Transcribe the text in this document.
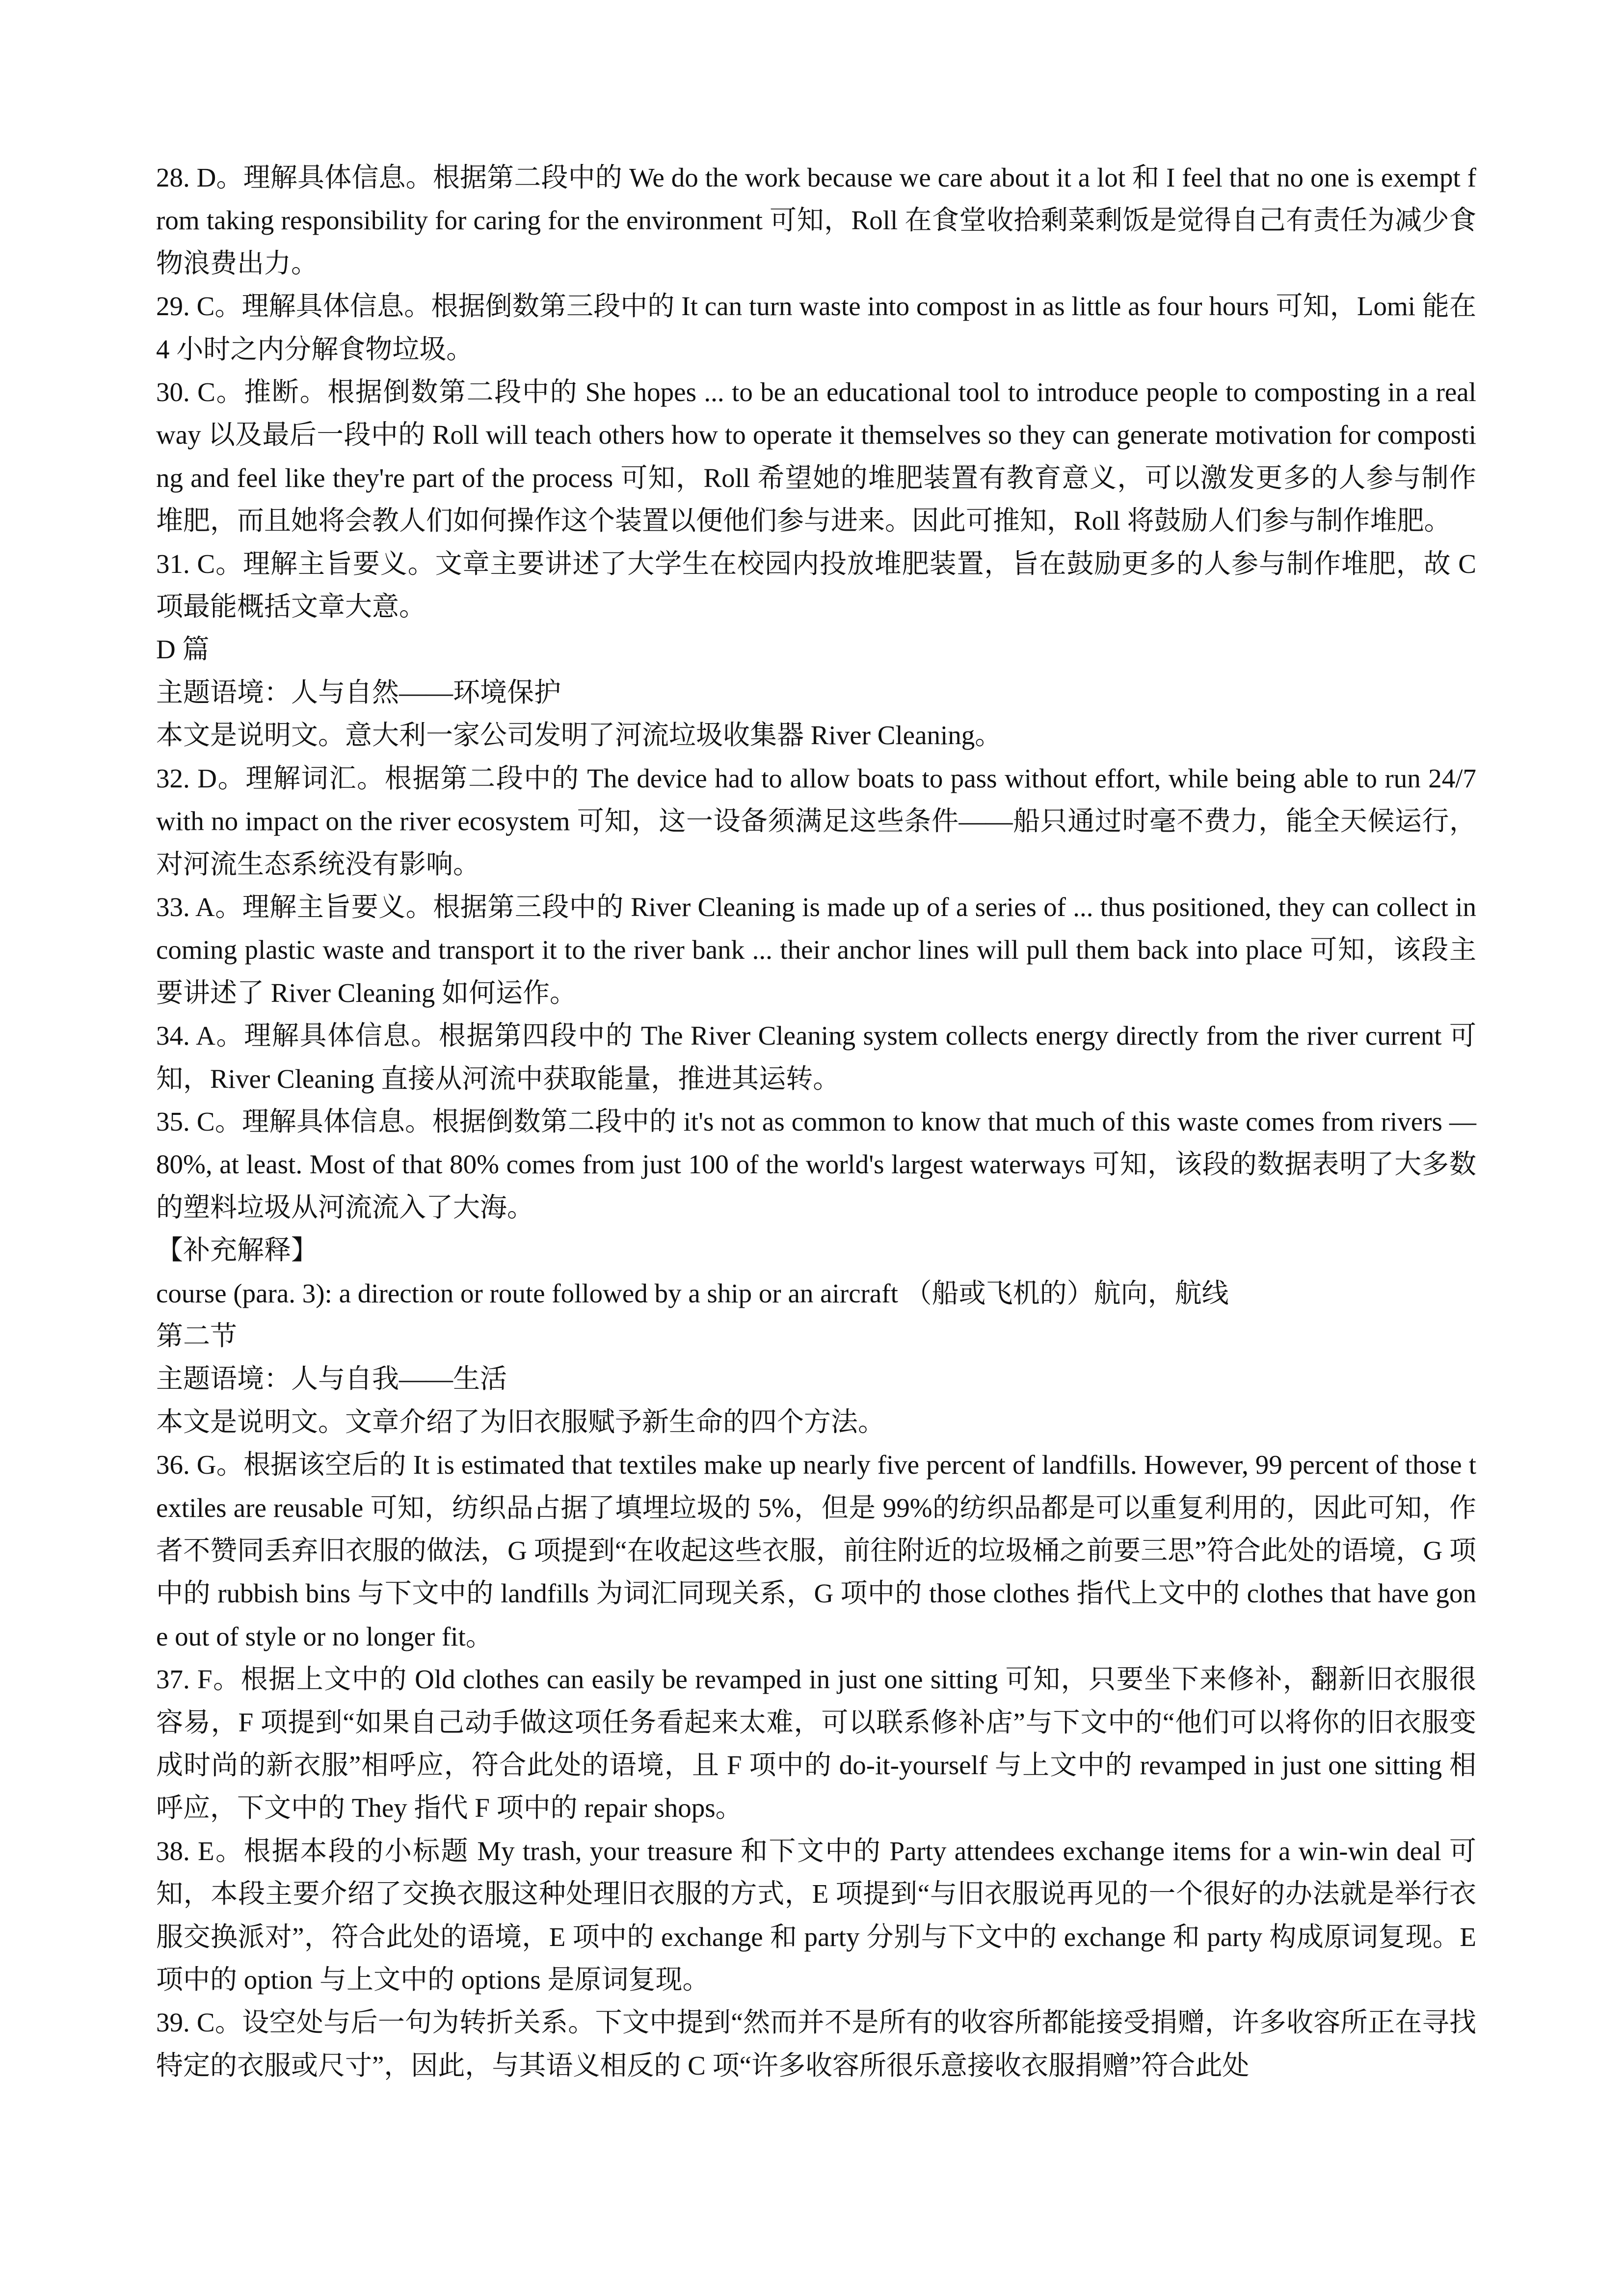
28. D。理解具体信息。根据第二段中的 We do the work because we care about it a lot 和 I feel that no one is exempt from taking responsibility for caring for the environment 可知，Roll 在食堂收拾剩菜剩饭是觉得自己有责任为减少食物浪费出力。

29. C。理解具体信息。根据倒数第三段中的 It can turn waste into compost in as little as four hours 可知，Lomi 能在 4 小时之内分解食物垃圾。

30. C。推断。根据倒数第二段中的 She hopes ... to be an educational tool to introduce people to composting in a real way 以及最后一段中的 Roll will teach others how to operate it themselves so they can generate motivation for composting and feel like they're part of the process 可知，Roll 希望她的堆肥装置有教育意义，可以激发更多的人参与制作堆肥，而且她将会教人们如何操作这个装置以便他们参与进来。因此可推知，Roll 将鼓励人们参与制作堆肥。

31. C。理解主旨要义。文章主要讲述了大学生在校园内投放堆肥装置，旨在鼓励更多的人参与制作堆肥，故 C 项最能概括文章大意。

D 篇

主题语境：人与自然——环境保护

本文是说明文。意大利一家公司发明了河流垃圾收集器 River Cleaning。

32. D。理解词汇。根据第二段中的 The device had to allow boats to pass without effort, while being able to run 24/7 with no impact on the river ecosystem 可知，这一设备须满足这些条件——船只通过时毫不费力，能全天候运行，对河流生态系统没有影响。

33. A。理解主旨要义。根据第三段中的 River Cleaning is made up of a series of ... thus positioned, they can collect incoming plastic waste and transport it to the river bank ... their anchor lines will pull them back into place 可知，该段主要讲述了 River Cleaning 如何运作。

34. A。理解具体信息。根据第四段中的 The River Cleaning system collects energy directly from the river current 可知，River Cleaning 直接从河流中获取能量，推进其运转。

35. C。理解具体信息。根据倒数第二段中的 it's not as common to know that much of this waste comes from rivers — 80%, at least. Most of that 80% comes from just 100 of the world's largest waterways 可知，该段的数据表明了大多数的塑料垃圾从河流流入了大海。

【补充解释】

course (para. 3): a direction or route followed by a ship or an aircraft （船或飞机的）航向，航线

第二节

主题语境：人与自我——生活

本文是说明文。文章介绍了为旧衣服赋予新生命的四个方法。

36. G。根据该空后的 It is estimated that textiles make up nearly five percent of landfills. However, 99 percent of those textiles are reusable 可知，纺织品占据了填埋垃圾的 5%，但是 99%的纺织品都是可以重复利用的，因此可知，作者不赞同丢弃旧衣服的做法，G 项提到“在收起这些衣服，前往附近的垃圾桶之前要三思”符合此处的语境，G 项中的 rubbish bins 与下文中的 landfills 为词汇同现关系，G 项中的 those clothes 指代上文中的 clothes that have gone out of style or no longer fit。

37. F。根据上文中的 Old clothes can easily be revamped in just one sitting 可知，只要坐下来修补，翻新旧衣服很容易，F 项提到“如果自己动手做这项任务看起来太难，可以联系修补店”与下文中的“他们可以将你的旧衣服变成时尚的新衣服”相呼应，符合此处的语境，且 F 项中的 do-it-yourself 与上文中的 revamped in just one sitting 相呼应，下文中的 They 指代 F 项中的 repair shops。

38. E。根据本段的小标题 My trash, your treasure 和下文中的 Party attendees exchange items for a win-win deal 可知，本段主要介绍了交换衣服这种处理旧衣服的方式，E 项提到“与旧衣服说再见的一个很好的办法就是举行衣服交换派对”，符合此处的语境，E 项中的 exchange 和 party 分别与下文中的 exchange 和 party 构成原词复现。E 项中的 option 与上文中的 options 是原词复现。

39. C。设空处与后一句为转折关系。下文中提到“然而并不是所有的收容所都能接受捐赠，许多收容所正在寻找特定的衣服或尺寸”，因此，与其语义相反的 C 项“许多收容所很乐意接收衣服捐赠”符合此处
